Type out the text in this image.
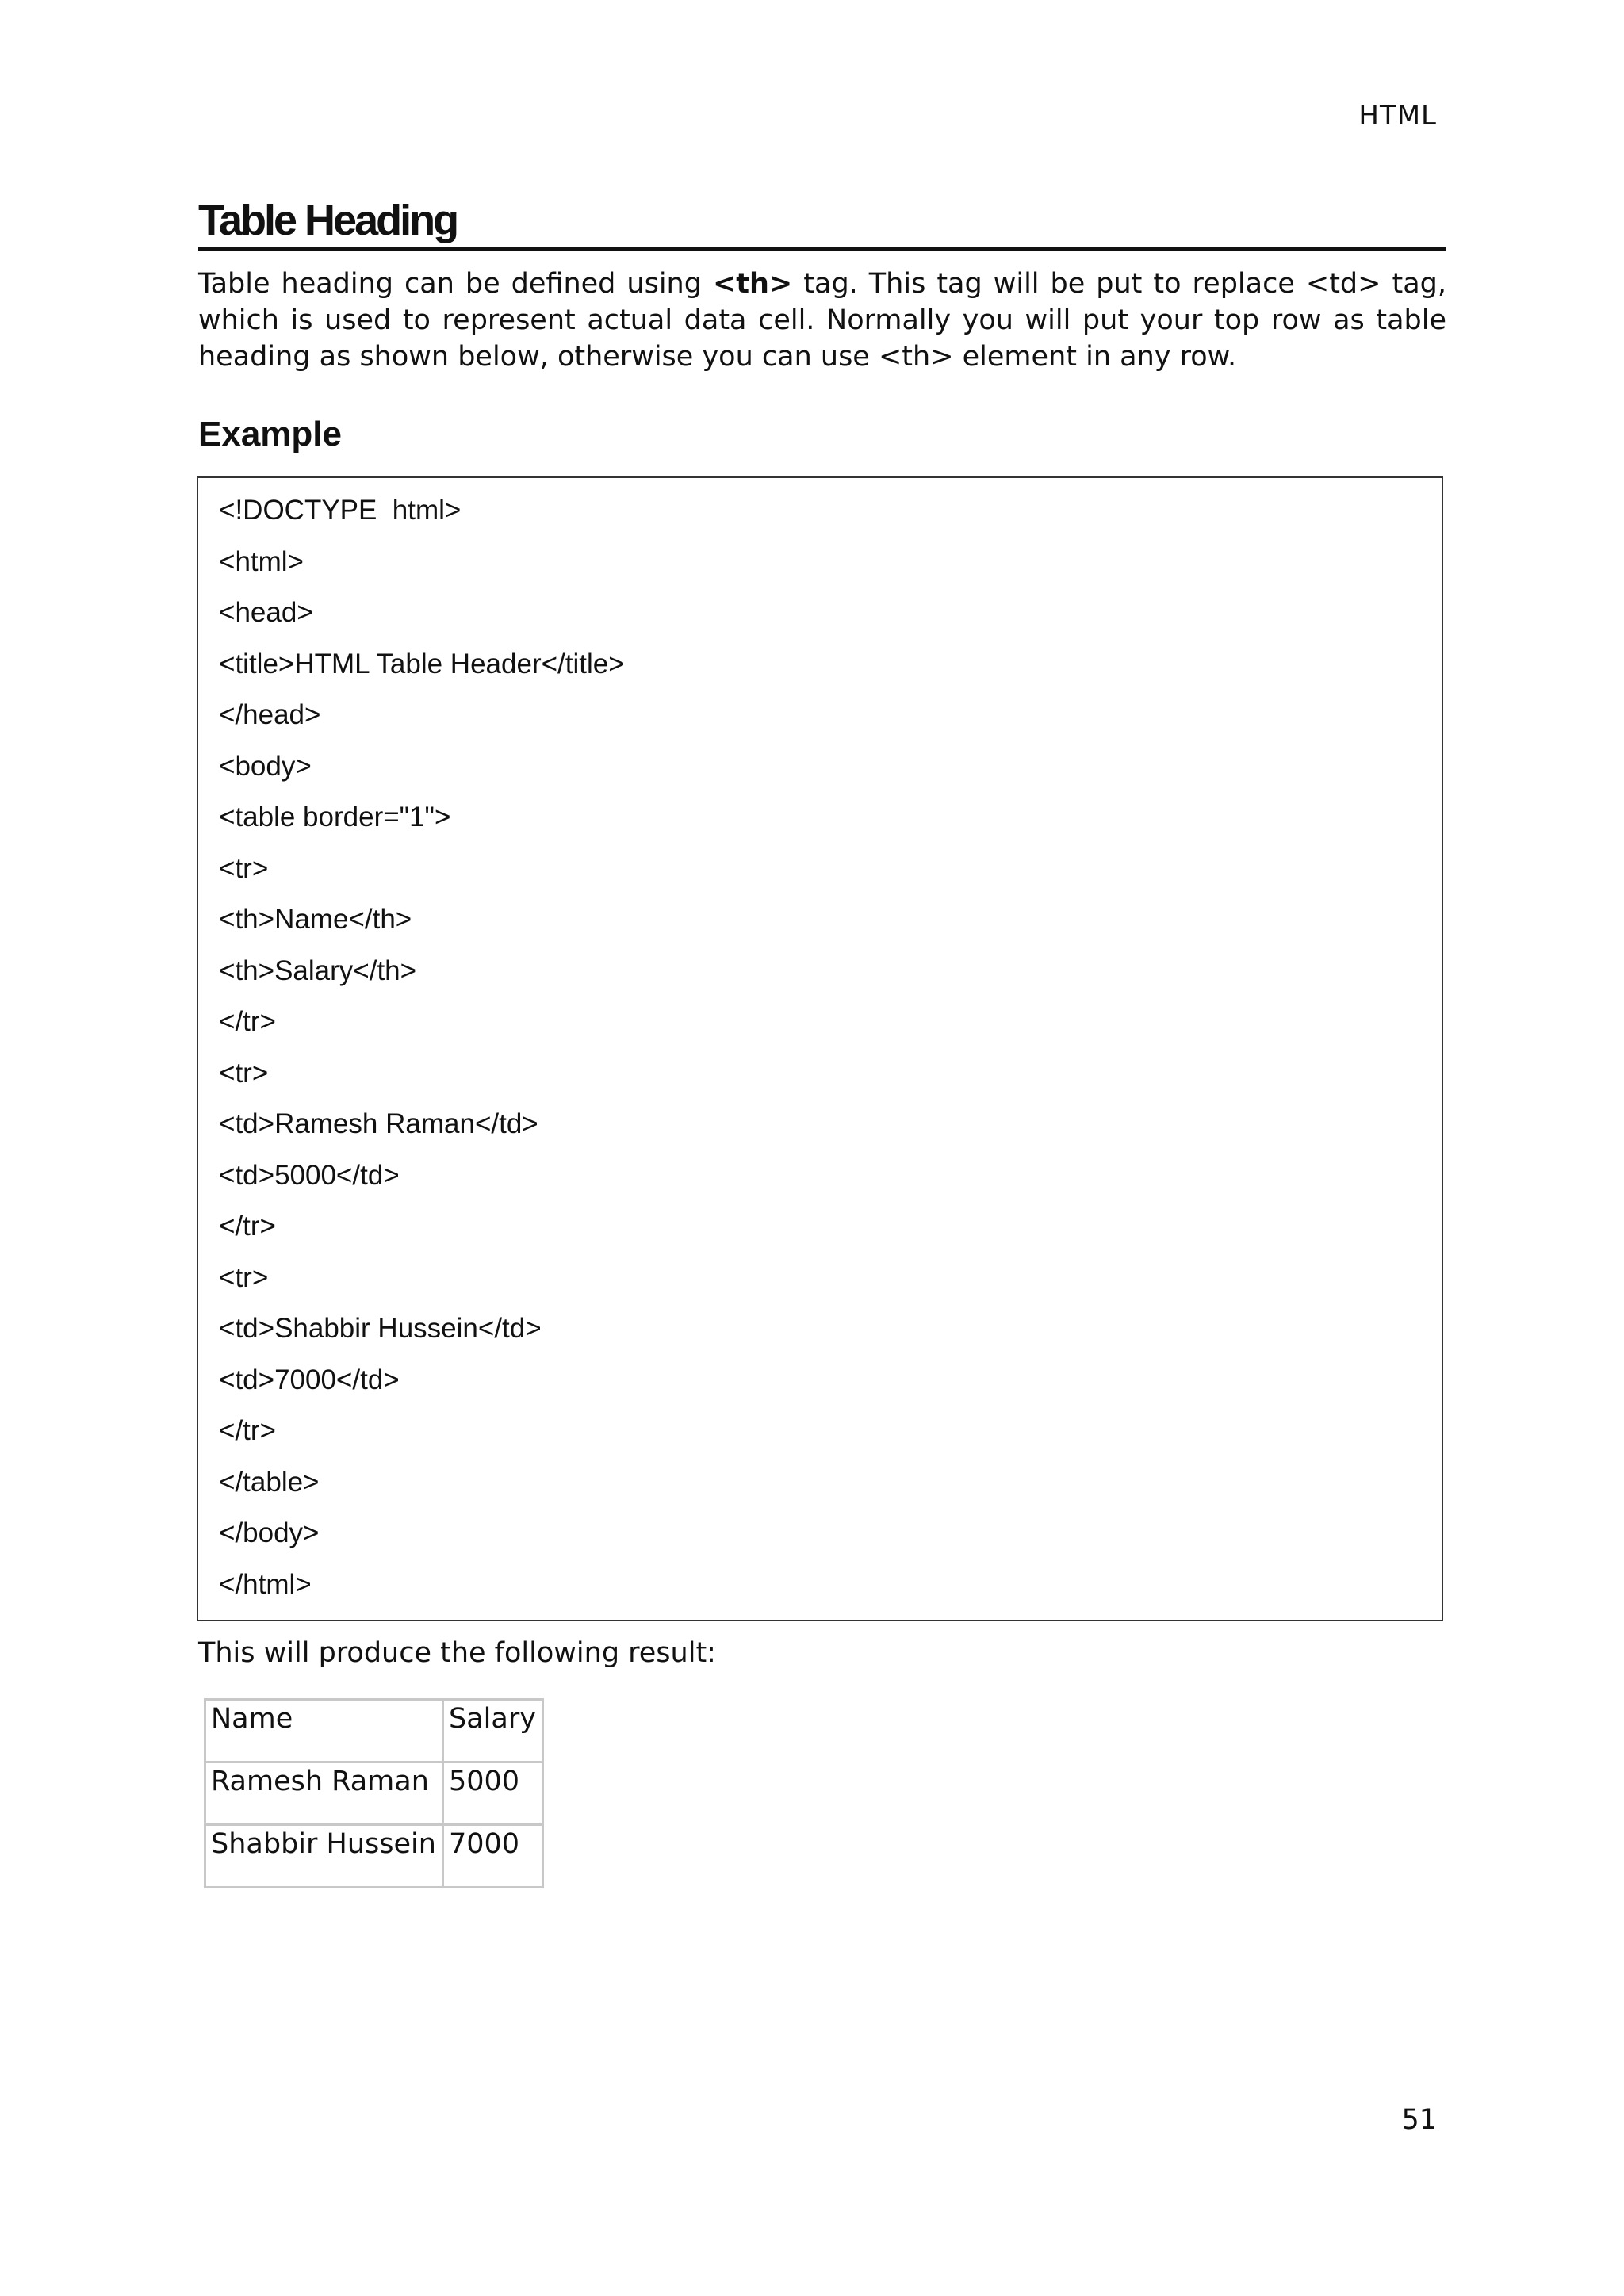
HTML
Table Heading

Table heading can be defined using <th> tag. This tag will be put to replace <td> tag, which is used to represent actual data cell. Normally you will put your top row as table heading as shown below, otherwise you can use <th> element in any row.

Example
<!DOCTYPE  html>
<html>
<head>
<title>HTML Table Header</title>
</head>
<body>
<table border="1">
<tr>
<th>Name</th>
<th>Salary</th>
</tr>
<tr>
<td>Ramesh Raman</td>
<td>5000</td>
</tr>
<tr>
<td>Shabbir Hussein</td>
<td>7000</td>
</tr>
</table>
</body>
</html>

This will produce the following result:

Name	Salary
Ramesh Raman	5000
Shabbir Hussein	7000
51
